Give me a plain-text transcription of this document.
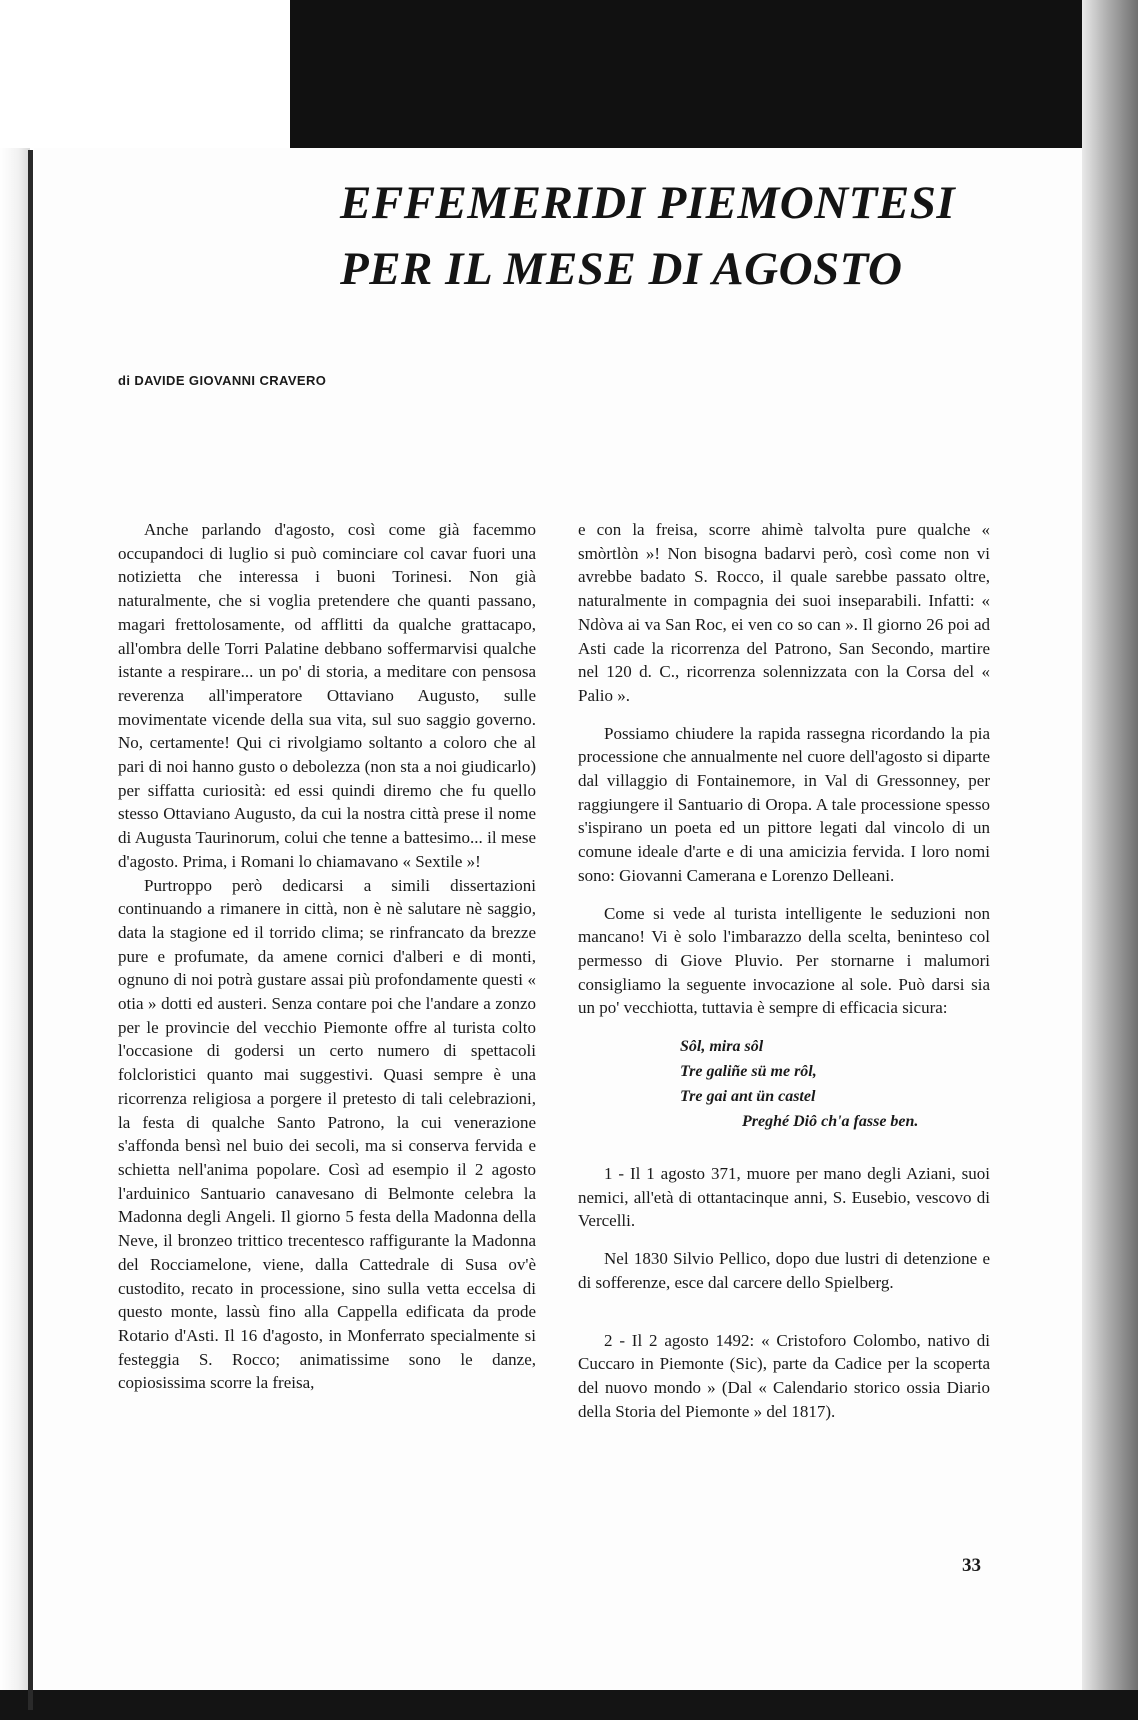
EFFEMERIDI PIEMONTESI
PER IL MESE DI AGOSTO
di DAVIDE GIOVANNI CRAVERO

Anche parlando d'agosto, così come già facemmo occupandoci di luglio si può cominciare col cavar fuori una notizietta che interessa i buoni Torinesi. Non già naturalmente, che si voglia pretendere che quanti passano, magari frettolosamente, od afflitti da qualche grattacapo, all'ombra delle Torri Palatine debbano soffermarvisi qualche istante a respirare... un po' di storia, a meditare con pensosa reverenza all'imperatore Ottaviano Augusto, sulle movimentate vicende della sua vita, sul suo saggio governo. No, certamente! Qui ci rivolgiamo soltanto a coloro che al pari di noi hanno gusto o debolezza (non sta a noi giudicarlo) per siffatta curiosità: ed essi quindi diremo che fu quello stesso Ottaviano Augusto, da cui la nostra città prese il nome di Augusta Taurinorum, colui che tenne a battesimo... il mese d'agosto. Prima, i Romani lo chiamavano « Sextile »!

Purtroppo però dedicarsi a simili dissertazioni continuando a rimanere in città, non è nè salutare nè saggio, data la stagione ed il torrido clima; se rinfrancato da brezze pure e profumate, da amene cornici d'alberi e di monti, ognuno di noi potrà gustare assai più profondamente questi « otia » dotti ed austeri. Senza contare poi che l'andare a zonzo per le provincie del vecchio Piemonte offre al turista colto l'occasione di godersi un certo numero di spettacoli folcloristici quanto mai suggestivi. Quasi sempre è una ricorrenza religiosa a porgere il pretesto di tali celebrazioni, la festa di qualche Santo Patrono, la cui venerazione s'affonda bensì nel buio dei secoli, ma si conserva fervida e schietta nell'anima popolare. Così ad esempio il 2 agosto l'arduinico Santuario canavesano di Belmonte celebra la Madonna degli Angeli. Il giorno 5 festa della Madonna della Neve, il bronzeo trittico trecentesco raffigurante la Madonna del Rocciamelone, viene, dalla Cattedrale di Susa ov'è custodito, recato in processione, sino sulla vetta eccelsa di questo monte, lassù fino alla Cappella edificata da prode Rotario d'Asti. Il 16 d'agosto, in Monferrato specialmente si festeggia S. Rocco; animatissime sono le danze, copiosissima scorre la freisa,

e con la freisa, scorre ahimè talvolta pure qualche « smòrtlòn »! Non bisogna badarvi però, così come non vi avrebbe badato S. Rocco, il quale sarebbe passato oltre, naturalmente in compagnia dei suoi inseparabili. Infatti: « Ndòva ai va San Roc, ei ven co so can ». Il giorno 26 poi ad Asti cade la ricorrenza del Patrono, San Secondo, martire nel 120 d. C., ricorrenza solennizzata con la Corsa del « Palio ».

Possiamo chiudere la rapida rassegna ricordando la pia processione che annualmente nel cuore dell'agosto si diparte dal villaggio di Fontainemore, in Val di Gressonney, per raggiungere il Santuario di Oropa. A tale processione spesso s'ispirano un poeta ed un pittore legati dal vincolo di un comune ideale d'arte e di una amicizia fervida. I loro nomi sono: Giovanni Camerana e Lorenzo Delleani.

Come si vede al turista intelligente le seduzioni non mancano! Vi è solo l'imbarazzo della scelta, beninteso col permesso di Giove Pluvio. Per stornarne i malumori consigliamo la seguente invocazione al sole. Può darsi sia un po' vecchiotta, tuttavia è sempre di efficacia sicura:

Sôl, mira sôl
Tre galiñe sü me rôl,
Tre gai ant ün castel
Preghé Diô ch'a fasse ben.

1 - Il 1 agosto 371, muore per mano degli Aziani, suoi nemici, all'età di ottantacinque anni, S. Eusebio, vescovo di Vercelli.

Nel 1830 Silvio Pellico, dopo due lustri di detenzione e di sofferenze, esce dal carcere dello Spielberg.

2 - Il 2 agosto 1492: « Cristoforo Colombo, nativo di Cuccaro in Piemonte (Sic), parte da Cadice per la scoperta del nuovo mondo » (Dal « Calendario storico ossia Diario della Storia del Piemonte » del 1817).

33
